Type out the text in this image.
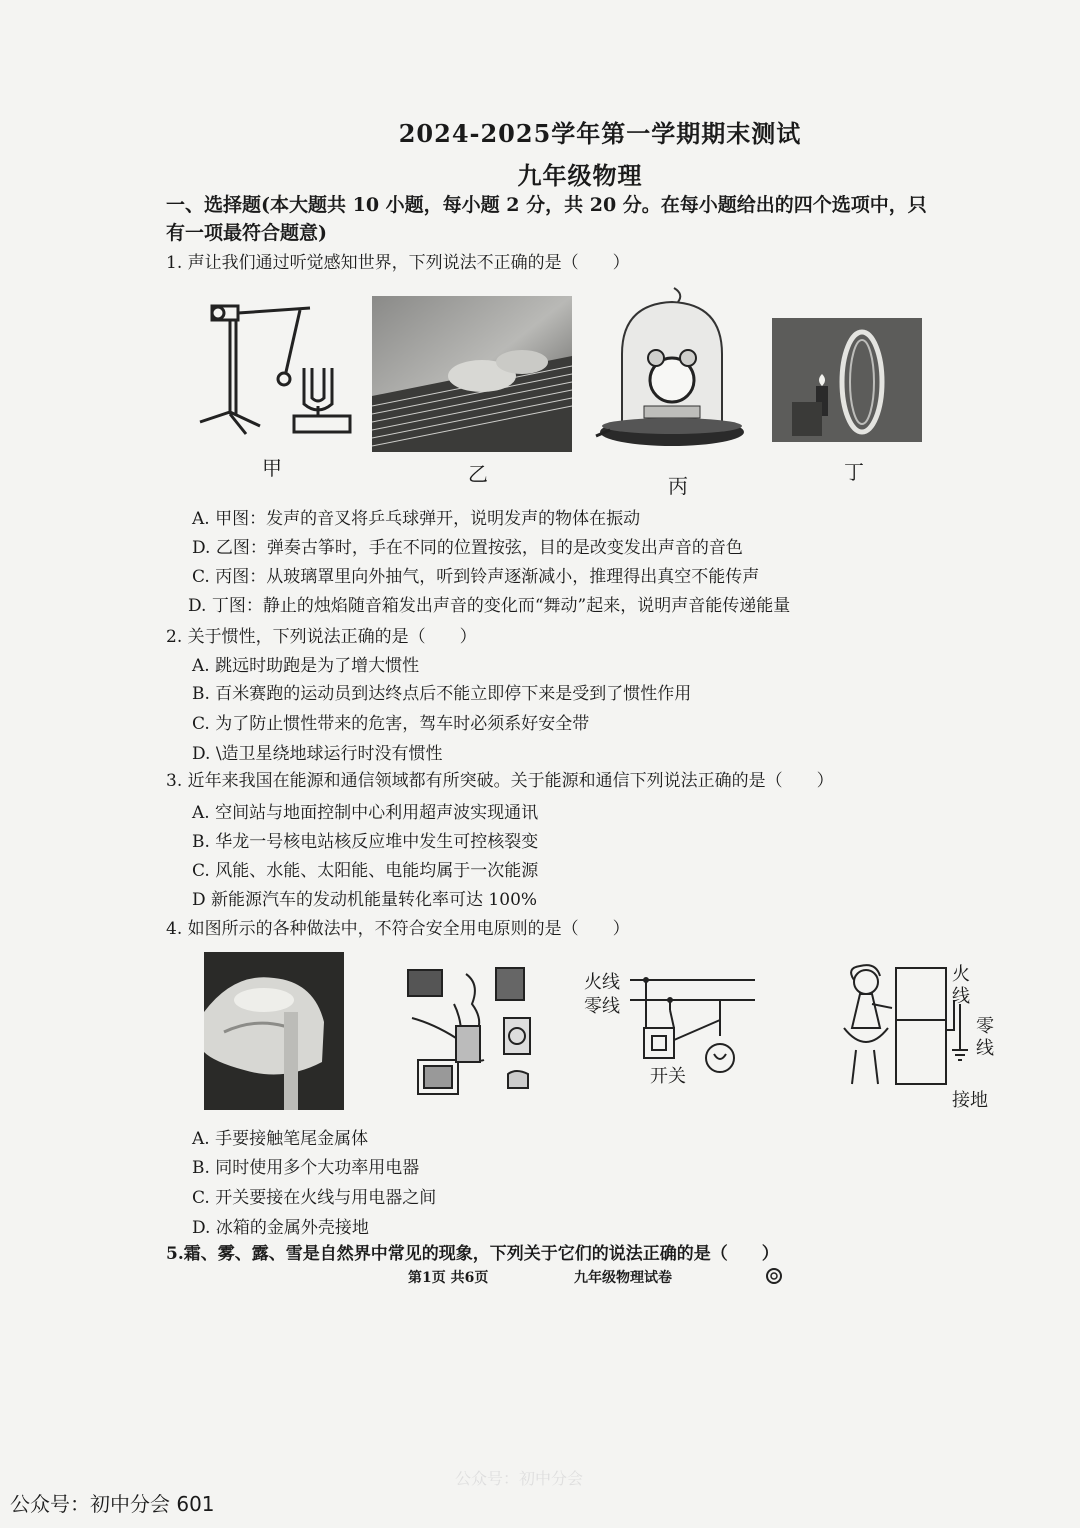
2024-2025学年第一学期期末测试
九年级物理
一、选择题(本大题共 10 小题，每小题 2 分，共 20 分。在每小题给出的四个选项中，只
有一项最符合题意)
1. 声让我们通过听觉感知世界，下列说法不正确的是（　　）
甲	乙	丙
丁
A. 甲图：发声的音叉将乒乓球弹开，说明发声的物体在振动
D. 乙图：弹奏古筝时，手在不同的位置按弦，目的是改变发出声音的音色
C. 丙图：从玻璃罩里向外抽气，听到铃声逐渐减小，推理得出真空不能传声
D. 丁图：静止的烛焰随音箱发出声音的变化而“舞动”起来，说明声音能传递能量
2. 关于惯性，下列说法正确的是（　　）
A. 跳远时助跑是为了增大惯性
B. 百米赛跑的运动员到达终点后不能立即停下来是受到了惯性作用
C. 为了防止惯性带来的危害，驾车时必须系好安全带
D. \造卫星绕地球运行时没有惯性
3. 近年来我国在能源和通信领域都有所突破。关于能源和通信下列说法正确的是（　　）
A. 空间站与地面控制中心利用超声波实现通讯
B. 华龙一号核电站核反应堆中发生可控核裂变
C. 风能、水能、太阳能、电能均属于一次能源
D 新能源汽车的发动机能量转化率可达 100%
4. 如图所示的各种做法中，不符合安全用电原则的是（　　）
火线
零线
开关
火
线
零
线
接地
A. 手要接触笔尾金属体
B. 同时使用多个大功率用电器
C. 开关要接在火线与用电器之间
D. 冰箱的金属外壳接地
5.霜、雾、露、雪是自然界中常见的现象，下列关于它们的说法正确的是（　　）
第1页 共6页	九年级物理试卷
公众号：初中分会
公众号：初中分会 601
